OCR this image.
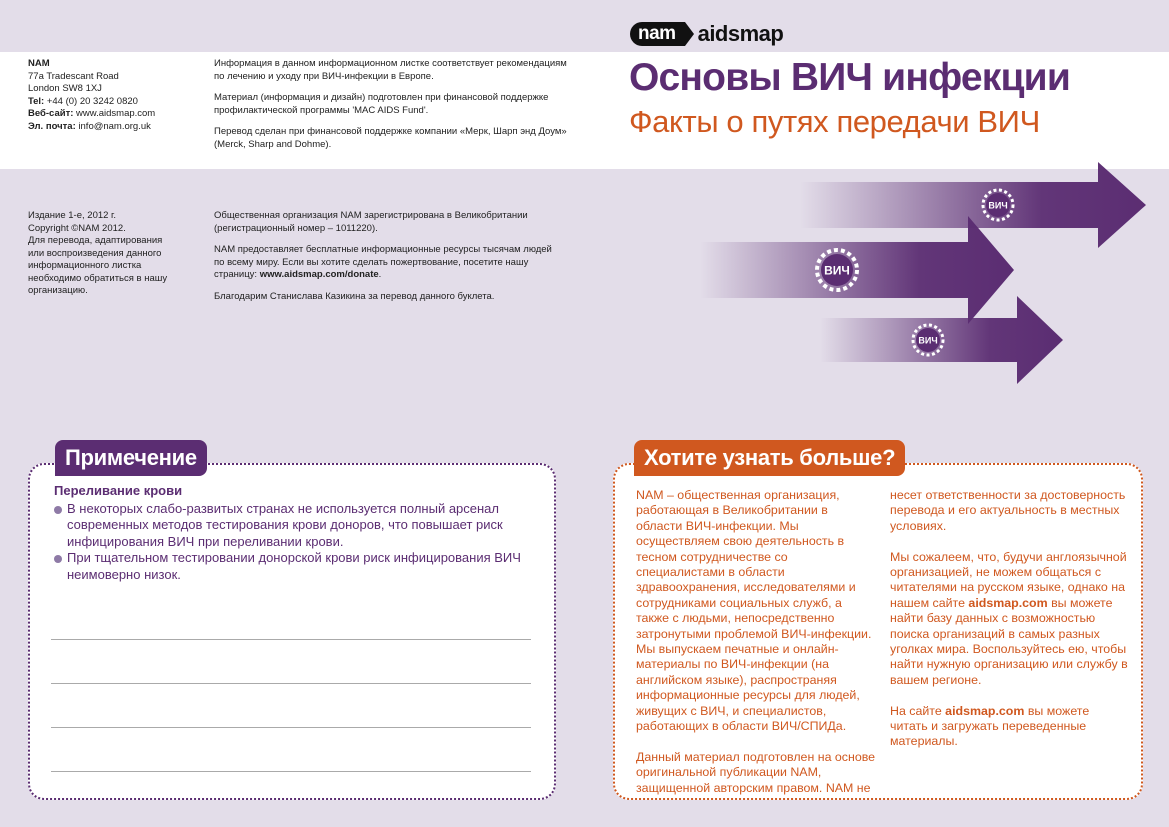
NAM
77a Tradescant Road
London SW8 1XJ
Tel: +44 (0) 20 3242 0820
Веб-сайт: www.aidsmap.com
Эл. почта: info@nam.org.uk

Информация в данном информационном листке соответствует рекомендациям по лечению и уходу при ВИЧ-инфекции в Европе.

Материал (информация и дизайн) подготовлен при финансовой поддержке профилактической программы 'MAC AIDS Fund'.

Перевод сделан при финансовой поддержке компании «Мерк, Шарп энд Доум» (Merck, Sharp and Dohme).

Издание 1-е, 2012 г.
Copyright ©NAM 2012.
Для перевода, адаптирования или воспроизведения данного информационного листка необходимо обратиться в нашу организацию.

Общественная организация NAM зарегистрирована в Великобритании (регистрационный номер – 1011220).

NAM предоставляет бесплатные информационные ресурсы тысячам людей по всему миру. Если вы хотите сделать пожертвование, посетите нашу страницу: www.aidsmap.com/donate.

Благодарим Станислава Казикина за перевод данного буклета.

nam	aidsmap
Основы ВИЧ инфекции
Факты о путях передачи ВИЧ
ВИЧ
ВИЧ
ВИЧ
Примечение
Переливание крови
В некоторых слабо-развитых странах не используется полный арсенал современных методов тестирования крови доноров, что повышает риск инфицирования ВИЧ при переливании крови.
При тщательном тестировании донорской крови риск инфицирования ВИЧ неимоверно низок.
Хотите узнать больше?

NAM – общественная организация, работающая в Великобритании в области ВИЧ-инфекции. Мы осуществляем свою деятельность в тесном сотрудничестве со специалистами в области здравоохранения, исследователями и сотрудниками социальных служб, а также с людьми, непосредственно затронутыми проблемой ВИЧ-инфекции. Мы выпускаем печатные и онлайн-материалы по ВИЧ-инфекции (на английском языке), распространяя информационные ресурсы для людей, живущих с ВИЧ, и специалистов, работающих в области ВИЧ/СПИДа.

Данный материал подготовлен на основе оригинальной публикации NAM, защищенной авторским правом. NAM не

несет ответственности за достоверность перевода и его актуальность в местных условиях.

Мы сожалеем, что, будучи англоязычной организацией, не можем общаться с читателями на русском языке, однако на нашем сайте aidsmap.com вы можете найти базу данных с возможностью поиска организаций в самых разных уголках мира. Воспользуйтесь ею, чтобы найти нужную организацию или службу в вашем регионе.

На сайте aidsmap.com вы можете читать и загружать переведенные материалы.
